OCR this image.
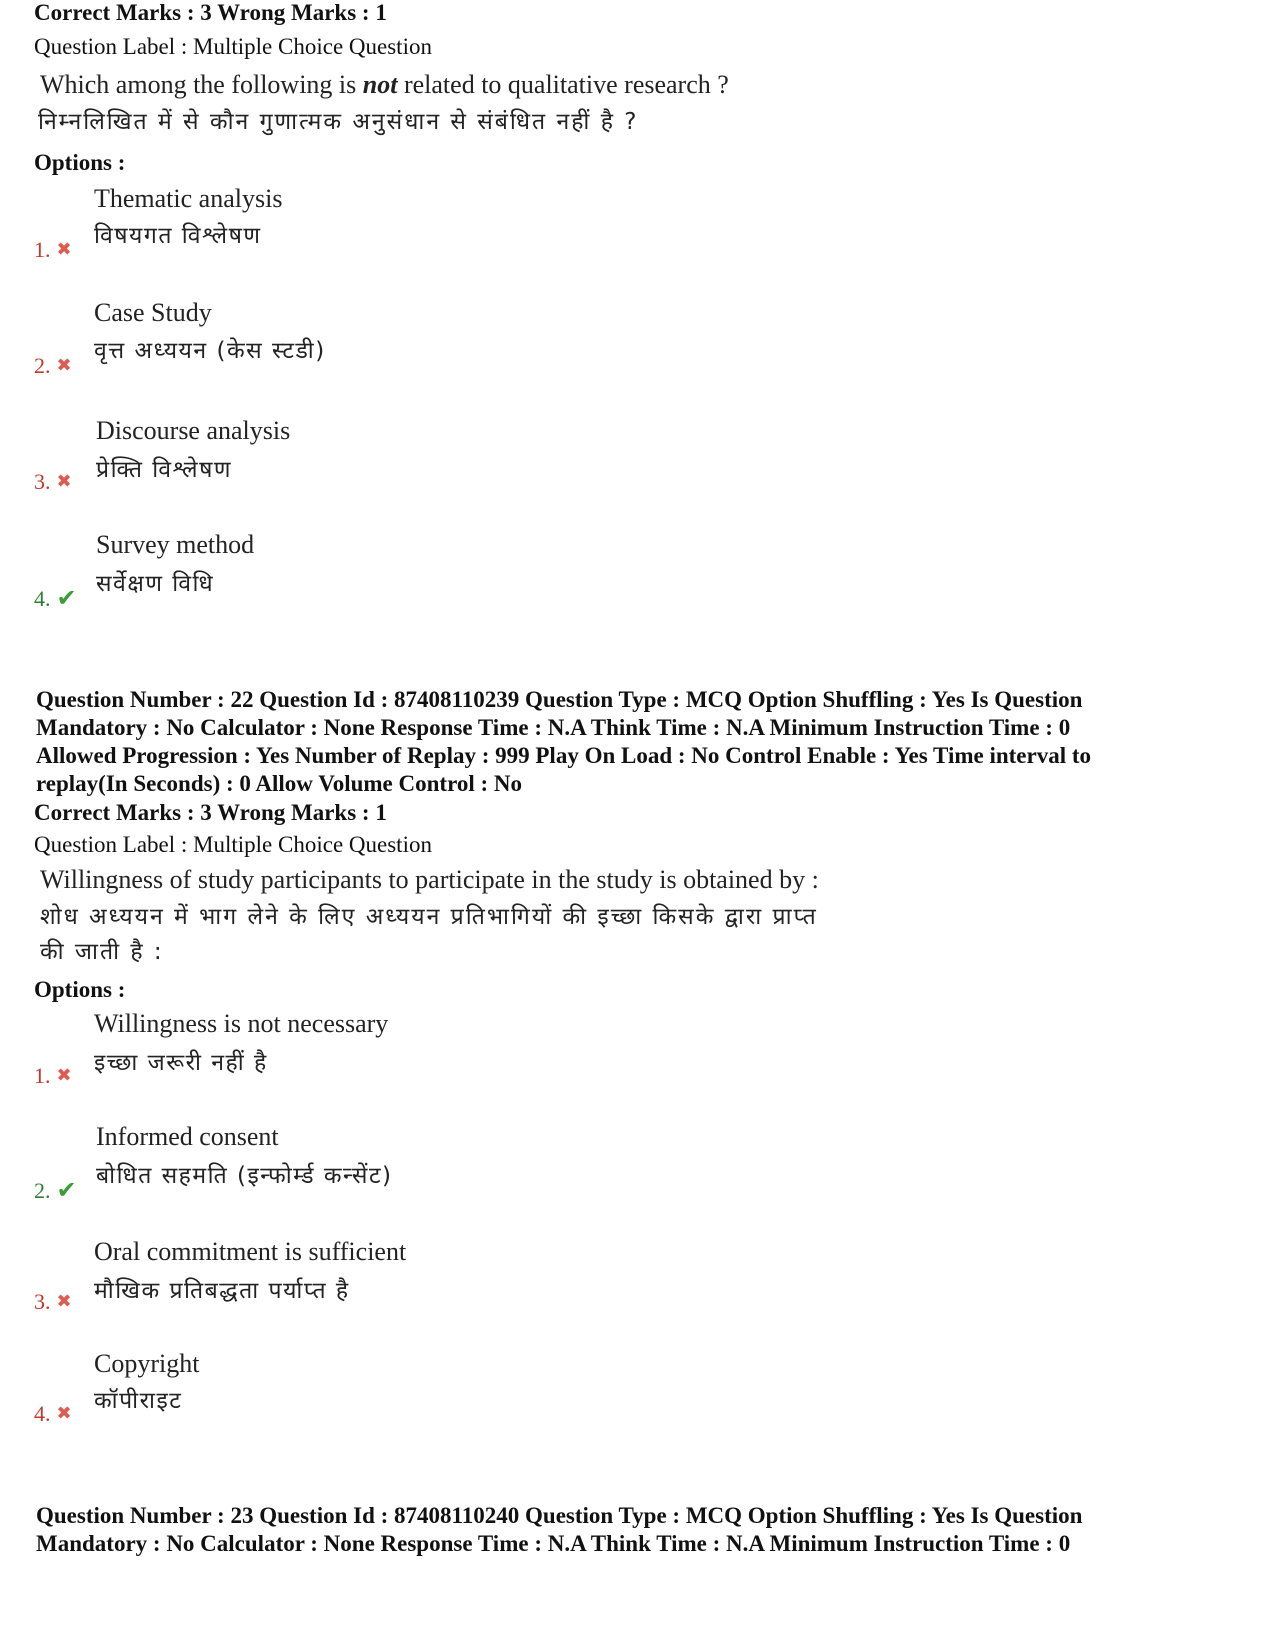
Correct Marks : 3 Wrong Marks : 1
Question Label : Multiple Choice Question
Which among the following is not related to qualitative research ?
निम्नलिखित में से कौन गुणात्मक अनुसंधान से संबंधित नहीं है ?
Options :
Thematic analysis
विषयगत विश्लेषण
1. ✖
Case Study
वृत्त अध्ययन (केस स्टडी)
2. ✖
Discourse analysis
प्रेक्ति विश्लेषण
3. ✖
Survey method
सर्वेक्षण विधि
4. ✔
Question Number : 22 Question Id : 87408110239 Question Type : MCQ Option Shuffling : Yes Is Question
Mandatory : No Calculator : None Response Time : N.A Think Time : N.A Minimum Instruction Time : 0
Allowed Progression : Yes Number of Replay : 999 Play On Load : No Control Enable : Yes Time interval to
replay(In Seconds) : 0 Allow Volume Control : No
Correct Marks : 3 Wrong Marks : 1
Question Label : Multiple Choice Question
Willingness of study participants to participate in the study is obtained by :
शोध अध्ययन में भाग लेने के लिए अध्ययन प्रतिभागियों की इच्छा किसके द्वारा प्राप्त
की जाती है :
Options :
Willingness is not necessary
इच्छा जरूरी नहीं है
1. ✖
Informed consent
बोधित सहमति (इन्फोर्म्ड कन्सेंट)
2. ✔
Oral commitment is sufficient
मौखिक प्रतिबद्धता पर्याप्त है
3. ✖
Copyright
कॉपीराइट
4. ✖
Question Number : 23 Question Id : 87408110240 Question Type : MCQ Option Shuffling : Yes Is Question
Mandatory : No Calculator : None Response Time : N.A Think Time : N.A Minimum Instruction Time : 0
